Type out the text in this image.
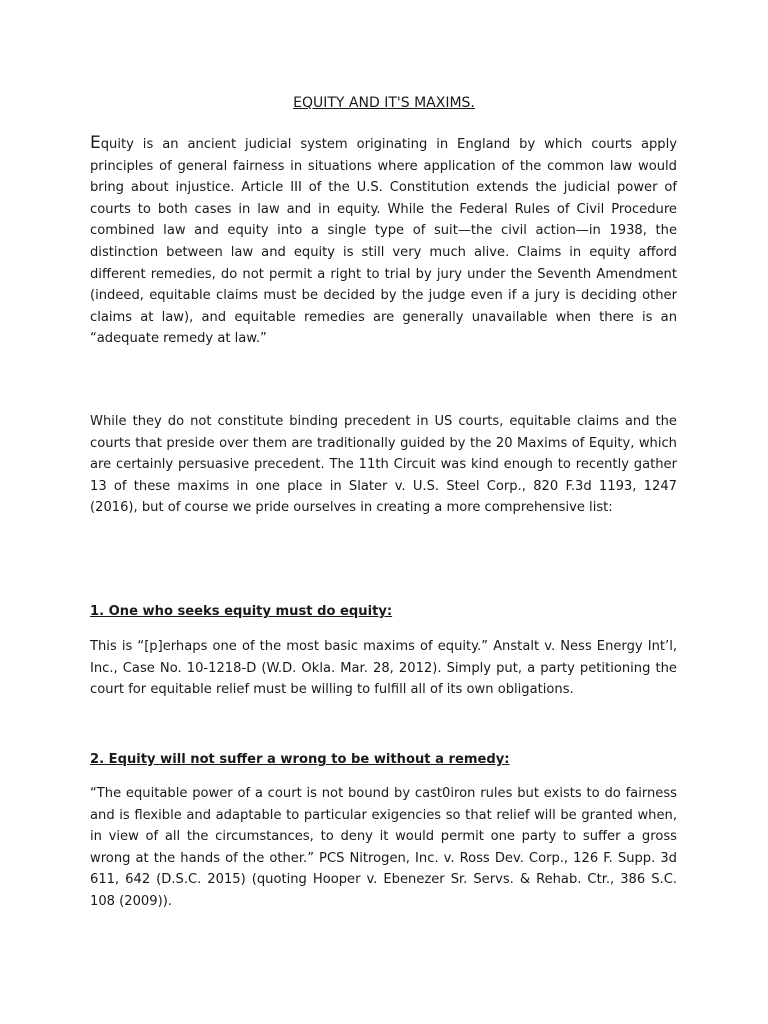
EQUITY AND IT'S MAXIMS.

Equity is an ancient judicial system originating in England by which courts apply principles of general fairness in situations where application of the common law would bring about injustice. Article III of the U.S. Constitution extends the judicial power of courts to both cases in law and in equity. While the Federal Rules of Civil Procedure combined law and equity into a single type of suit—the civil action—in 1938, the distinction between law and equity is still very much alive. Claims in equity afford different remedies, do not permit a right to trial by jury under the Seventh Amendment (indeed, equitable claims must be decided by the judge even if a jury is deciding other claims at law), and equitable remedies are generally unavailable when there is an “adequate remedy at law.”

While they do not constitute binding precedent in US courts, equitable claims and the courts that preside over them are traditionally guided by the 20 Maxims of Equity, which are certainly persuasive precedent. The 11th Circuit was kind enough to recently gather 13 of these maxims in one place in Slater v. U.S. Steel Corp., 820 F.3d 1193, 1247 (2016), but of course we pride ourselves in creating a more comprehensive list:

1. One who seeks equity must do equity:

This is “[p]erhaps one of the most basic maxims of equity.” Anstalt v. Ness Energy Int’l, Inc., Case No. 10-1218-D (W.D. Okla. Mar. 28, 2012). Simply put, a party petitioning the court for equitable relief must be willing to fulfill all of its own obligations.

2. Equity will not suffer a wrong to be without a remedy:

“The equitable power of a court is not bound by cast0iron rules but exists to do fairness and is flexible and adaptable to particular exigencies so that relief will be granted when, in view of all the circumstances, to deny it would permit one party to suffer a gross wrong at the hands of the other.” PCS Nitrogen, Inc. v. Ross Dev. Corp., 126 F. Supp. 3d 611, 642 (D.S.C. 2015) (quoting Hooper v. Ebenezer Sr. Servs. & Rehab. Ctr., 386 S.C. 108 (2009)).
